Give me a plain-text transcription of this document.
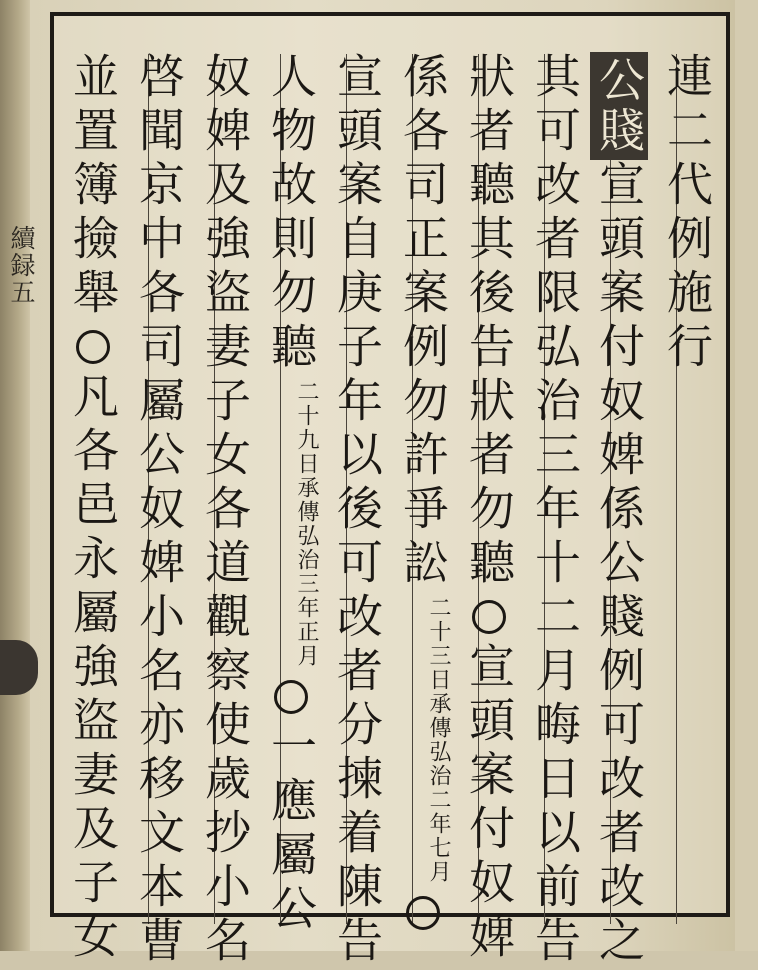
續録五	連二代例施行
公賤宣頭案付奴婢係公賤例可改者改之
其可改者限弘治三年十二月晦日以前告
狀者聽其後告狀者勿聽宣頭案付奴婢
係各司正案例勿許爭訟
弘治二年七月
二十三日承傳
宣頭案自庚子年以後可改者分揀着陳告
人物故則勿聽
弘治三年正月
二十九日承傳
一應屬公
奴婢及強盜妻子女各道觀察使歲抄小名
啓聞京中各司屬公奴婢小名亦移文本曹
並置簿撿舉凡各邑永屬強盜妻及子女
